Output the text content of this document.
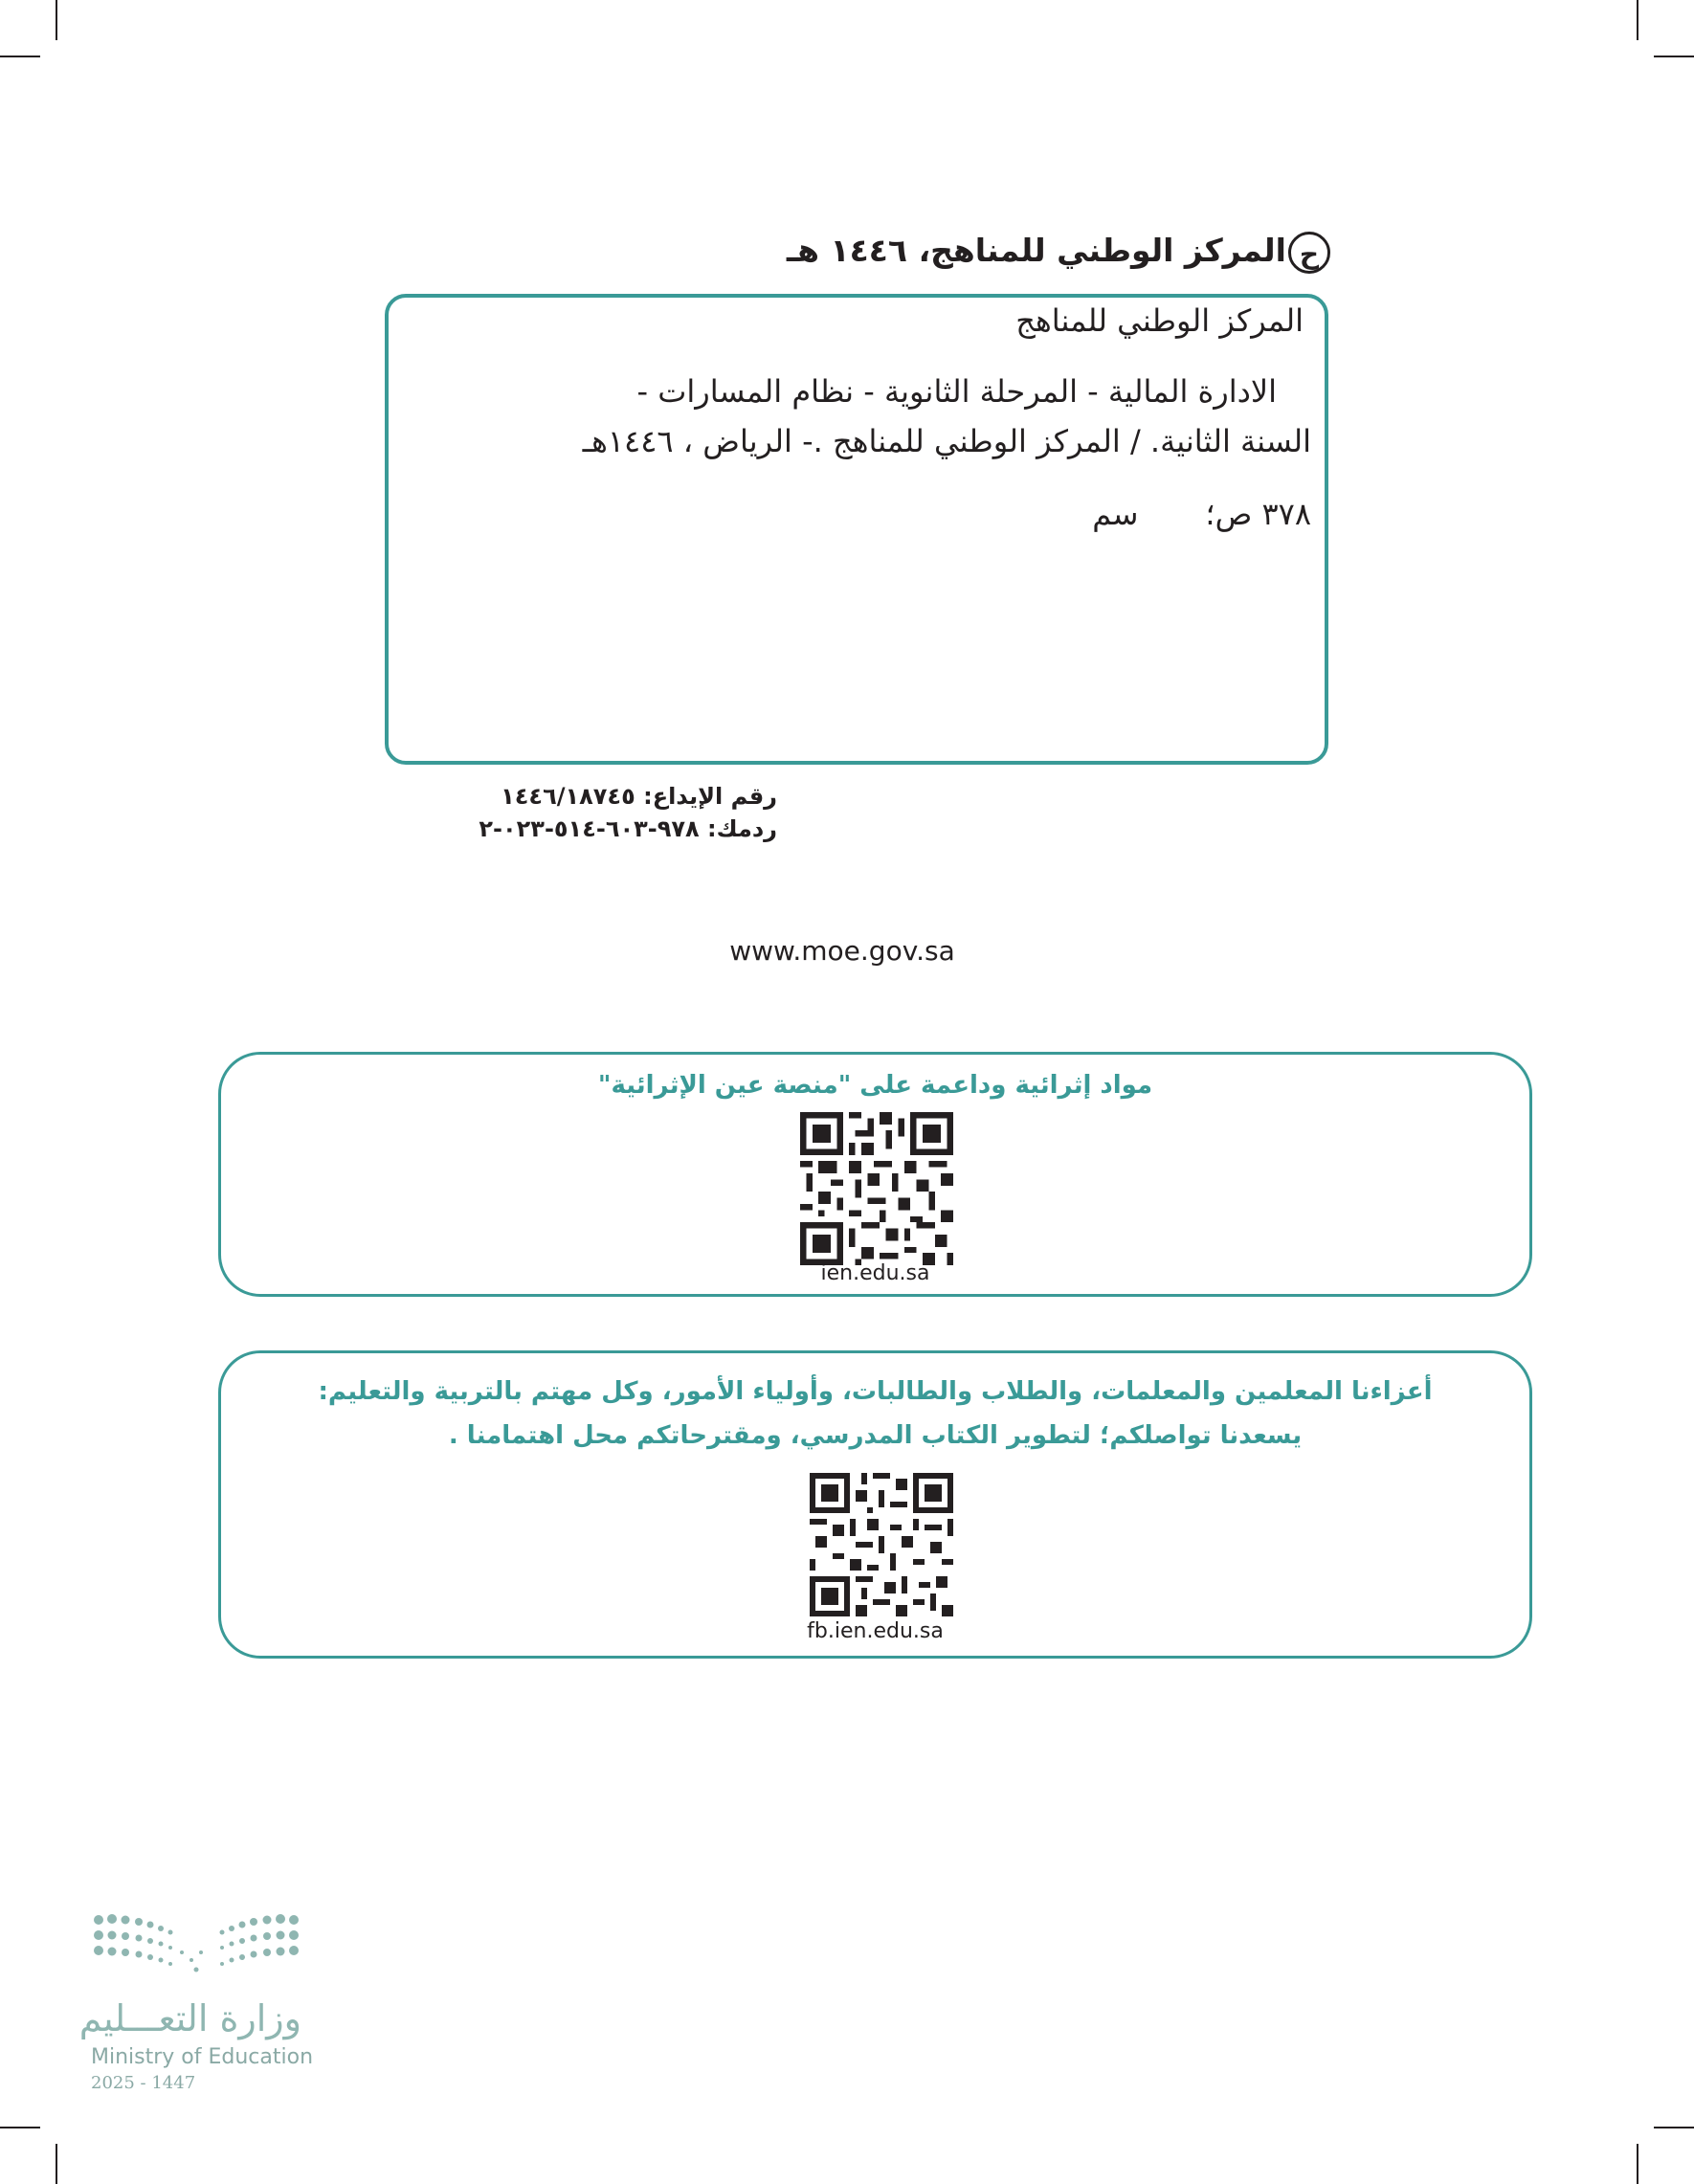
حالمركز الوطني للمناهج، ١٤٤٦ هـ
المركز الوطني للمناهج
الادارة المالية - المرحلة الثانوية - نظام المسارات -
السنة الثانية. / المركز الوطني للمناهج .- الرياض ، ١٤٤٦هـ
٣٧٨ ص؛سم
رقم الإيداع: ١٤٤٦/١٨٧٤٥
ردمك: ٩٧٨-٦٠٣-٥١٤-٠٢٣-٢
www.moe.gov.sa
مواد إثرائية وداعمة على "منصة عين الإثرائية"
ien.edu.sa
أعزاءنا المعلمين والمعلمات، والطلاب والطالبات، وأولياء الأمور، وكل مهتم بالتربية والتعليم:
يسعدنا تواصلكم؛ لتطوير الكتاب المدرسي، ومقترحاتكم محل اهتمامنا .
fb.ien.edu.sa
وزارة التعـــليم
Ministry of Education
2025 - 1447
